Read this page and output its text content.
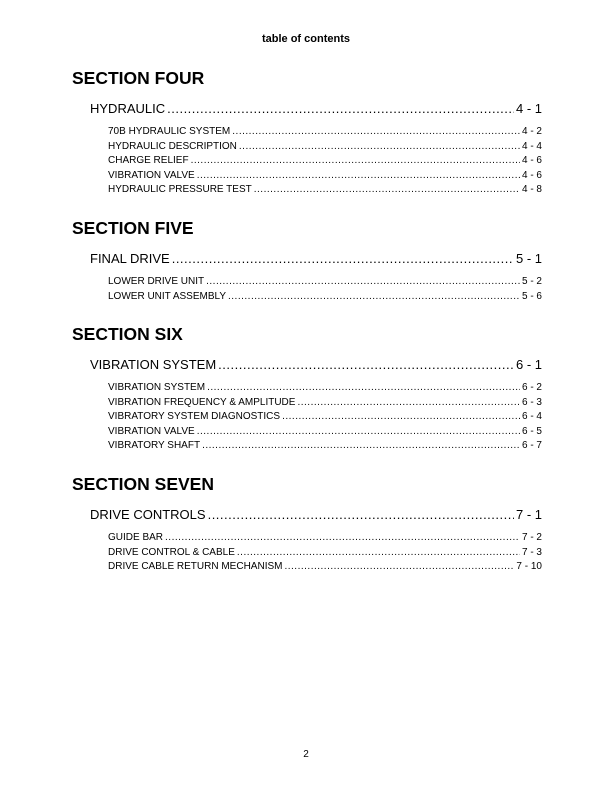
table of contents
SECTION FOUR
HYDRAULIC .....	4 - 1
70B HYDRAULIC SYSTEM .....	4 - 2
HYDRAULIC DESCRIPTION .....	4 - 4
CHARGE RELIEF .....	4 - 6
VIBRATION VALVE .....	4 - 6
HYDRAULIC PRESSURE TEST .....	4 - 8
SECTION FIVE
FINAL DRIVE .....	5 - 1
LOWER DRIVE UNIT .....	5 - 2
LOWER UNIT ASSEMBLY .....	5 - 6
SECTION SIX
VIBRATION SYSTEM .....	6 - 1
VIBRATION SYSTEM .....	6 - 2
VIBRATION FREQUENCY & AMPLITUDE .....	6 - 3
VIBRATORY SYSTEM DIAGNOSTICS .....	6 - 4
VIBRATION VALVE .....	6 - 5
VIBRATORY SHAFT .....	6 - 7
SECTION SEVEN
DRIVE CONTROLS .....	7 - 1
GUIDE BAR .....	7 - 2
DRIVE CONTROL & CABLE .....	7 - 3
DRIVE CABLE RETURN MECHANISM .....	7 - 10
2
